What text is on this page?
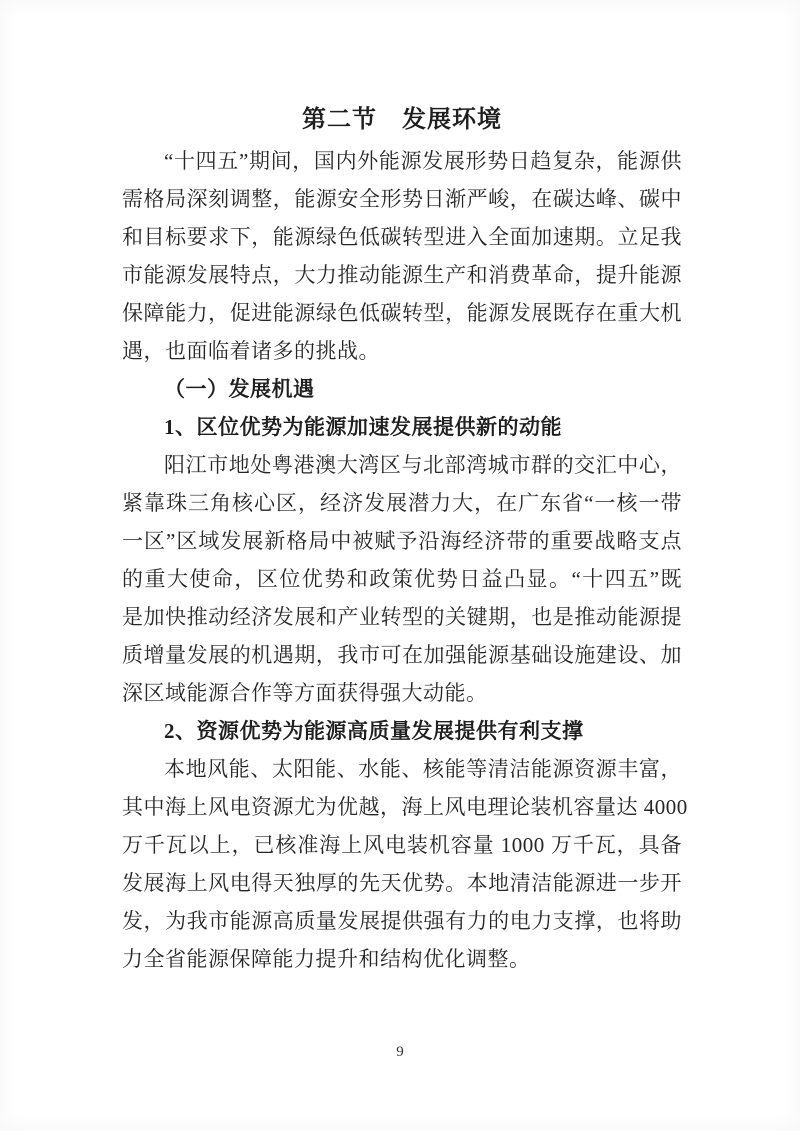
第二节　发展环境
“十四五”期间，国内外能源发展形势日趋复杂，能源供
需格局深刻调整，能源安全形势日渐严峻，在碳达峰、碳中
和目标要求下，能源绿色低碳转型进入全面加速期。立足我
市能源发展特点，大力推动能源生产和消费革命，提升能源
保障能力，促进能源绿色低碳转型，能源发展既存在重大机
遇，也面临着诸多的挑战。
（一）发展机遇
1、区位优势为能源加速发展提供新的动能
阳江市地处粤港澳大湾区与北部湾城市群的交汇中心，
紧靠珠三角核心区，经济发展潜力大，在广东省“一核一带
一区”区域发展新格局中被赋予沿海经济带的重要战略支点
的重大使命，区位优势和政策优势日益凸显。“十四五”既
是加快推动经济发展和产业转型的关键期，也是推动能源提
质增量发展的机遇期，我市可在加强能源基础设施建设、加
深区域能源合作等方面获得强大动能。
2、资源优势为能源高质量发展提供有利支撑
本地风能、太阳能、水能、核能等清洁能源资源丰富，
其中海上风电资源尤为优越，海上风电理论装机容量达 4000
万千瓦以上，已核准海上风电装机容量 1000 万千瓦，具备
发展海上风电得天独厚的先天优势。本地清洁能源进一步开
发，为我市能源高质量发展提供强有力的电力支撑，也将助
力全省能源保障能力提升和结构优化调整。
9
